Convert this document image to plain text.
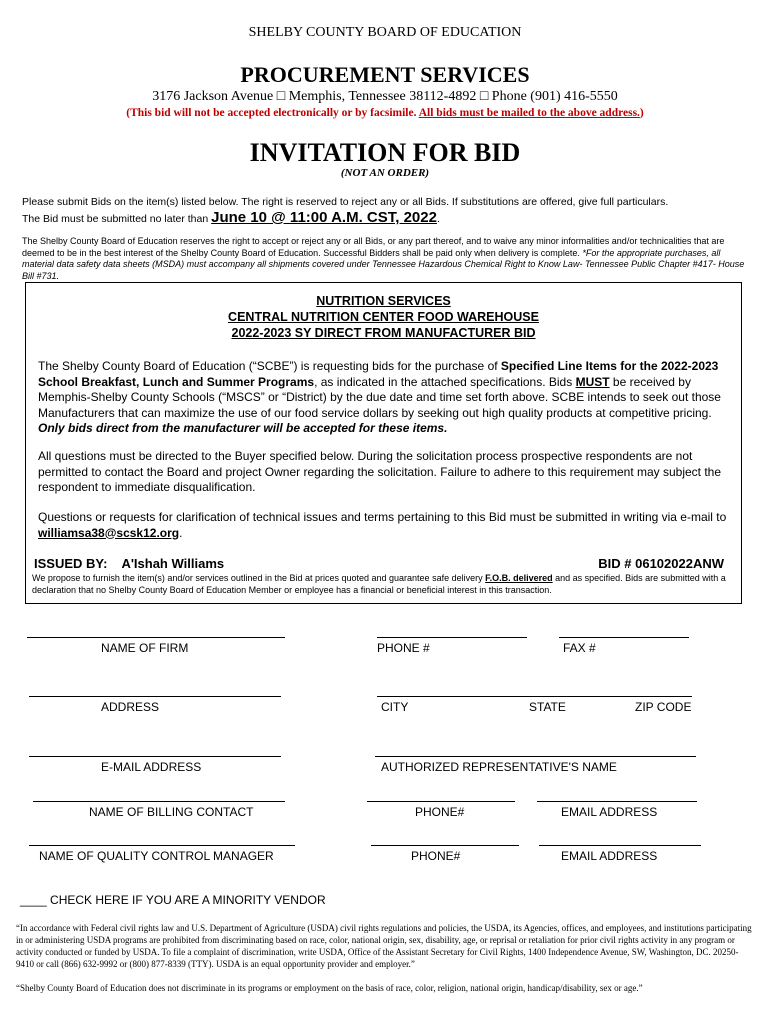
SHELBY COUNTY BOARD OF EDUCATION
PROCUREMENT SERVICES
3176 Jackson Avenue □ Memphis, Tennessee 38112-4892 □ Phone (901) 416-5550
(This bid will not be accepted electronically or by facsimile. All bids must be mailed to the above address.)
INVITATION FOR BID
(NOT AN ORDER)
Please submit Bids on the item(s) listed below. The right is reserved to reject any or all Bids. If substitutions are offered, give full particulars.
The Bid must be submitted no later than June 10 @ 11:00 A.M. CST, 2022.
The Shelby County Board of Education reserves the right to accept or reject any or all Bids, or any part thereof, and to waive any minor informalities and/or technicalities that are deemed to be in the best interest of the Shelby County Board of Education. Successful Bidders shall be paid only when delivery is complete. *For the appropriate purchases, all material data safety data sheets (MSDA) must accompany all shipments covered under Tennessee Hazardous Chemical Right to Know Law- Tennessee Public Chapter #417- House Bill #731.
NUTRITION SERVICES
CENTRAL NUTRITION CENTER FOOD WAREHOUSE
2022-2023 SY DIRECT FROM MANUFACTURER BID
The Shelby County Board of Education (“SCBE”) is requesting bids for the purchase of Specified Line Items for the 2022-2023 School Breakfast, Lunch and Summer Programs, as indicated in the attached specifications. Bids MUST be received by Memphis-Shelby County Schools (“MSCS” or “District) by the due date and time set forth above. SCBE intends to seek out those Manufacturers that can maximize the use of our food service dollars by seeking out high quality products at competitive pricing. Only bids direct from the manufacturer will be accepted for these items.
All questions must be directed to the Buyer specified below. During the solicitation process prospective respondents are not permitted to contact the Board and project Owner regarding the solicitation. Failure to adhere to this requirement may subject the respondent to immediate disqualification.
Questions or requests for clarification of technical issues and terms pertaining to this Bid must be submitted in writing via e-mail to williamsa38@scsk12.org.
ISSUED BY: A'Ishah Williams	BID # 06102022ANW
We propose to furnish the item(s) and/or services outlined in the Bid at prices quoted and guarantee safe delivery F.O.B. delivered and as specified. Bids are submitted with a declaration that no Shelby County Board of Education Member or employee has a financial or beneficial interest in this transaction.
NAME OF FIRM	PHONE #	FAX #
ADDRESS	CITY	STATE	ZIP CODE
E-MAIL ADDRESS	AUTHORIZED REPRESENTATIVE'S NAME
NAME OF BILLING CONTACT	PHONE#	EMAIL ADDRESS
NAME OF QUALITY CONTROL MANAGER	PHONE#	EMAIL ADDRESS
____ CHECK HERE IF YOU ARE A MINORITY VENDOR
“In accordance with Federal civil rights law and U.S. Department of Agriculture (USDA) civil rights regulations and policies, the USDA, its Agencies, offices, and employees, and institutions participating in or administering USDA programs are prohibited from discriminating based on race, color, national origin, sex, disability, age, or reprisal or retaliation for prior civil rights activity in any program or activity conducted or funded by USDA. To file a complaint of discrimination, write USDA, Office of the Assistant Secretary for Civil Rights, 1400 Independence Avenue, SW, Washington, DC. 20250-9410 or call (866) 632-9992 or (800) 877-8339 (TTY). USDA is an equal opportunity provider and employer.”
“Shelby County Board of Education does not discriminate in its programs or employment on the basis of race, color, religion, national origin, handicap/disability, sex or age.”
